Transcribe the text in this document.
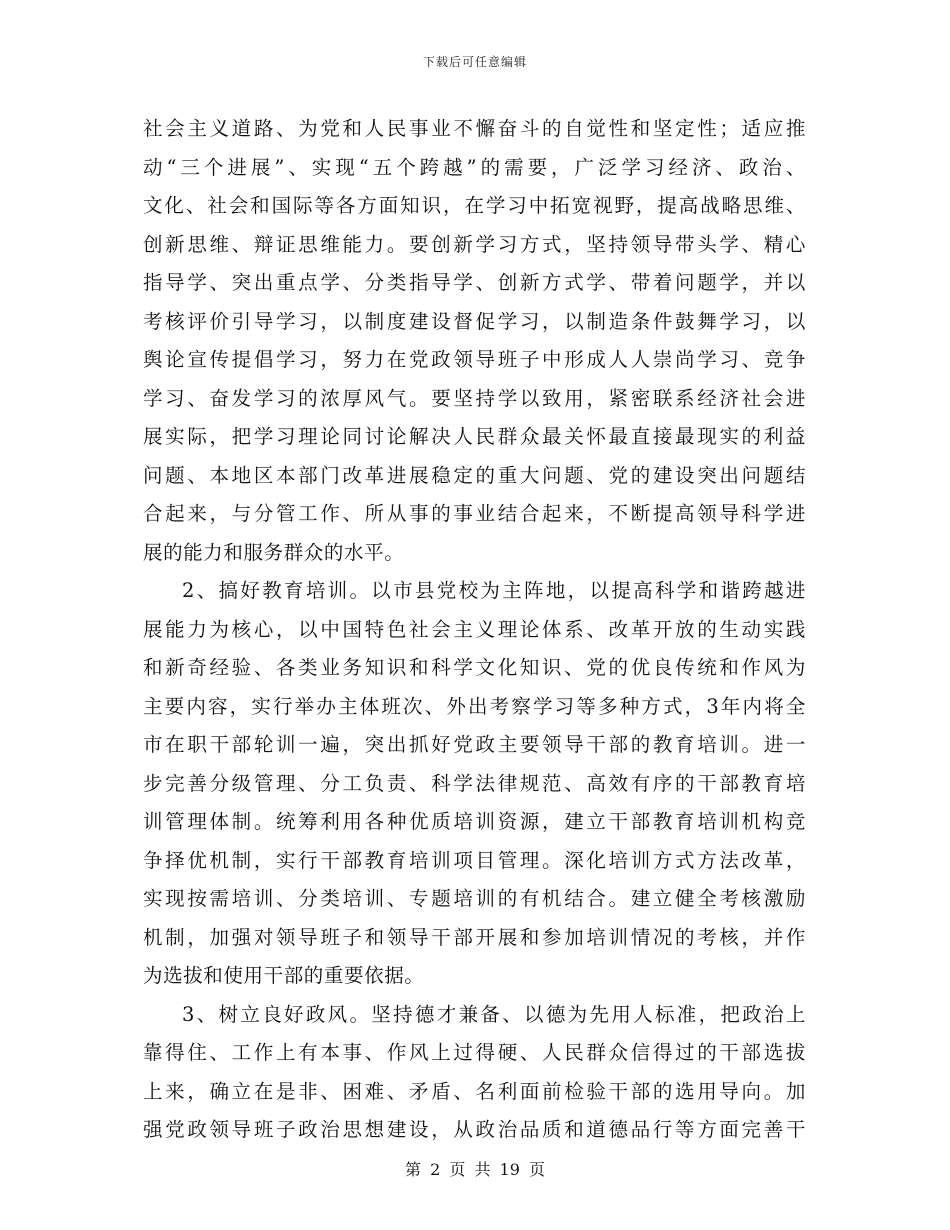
下载后可任意编辑
社会主义道路、为党和人民事业不懈奋斗的自觉性和坚定性；适应推
动“三个进展”、实现“五个跨越”的需要，广泛学习经济、政治、
文化、社会和国际等各方面知识，在学习中拓宽视野，提高战略思维、
创新思维、辩证思维能力。要创新学习方式，坚持领导带头学、精心
指导学、突出重点学、分类指导学、创新方式学、带着问题学，并以
考核评价引导学习，以制度建设督促学习，以制造条件鼓舞学习，以
舆论宣传提倡学习，努力在党政领导班子中形成人人崇尚学习、竞争
学习、奋发学习的浓厚风气。要坚持学以致用，紧密联系经济社会进
展实际，把学习理论同讨论解决人民群众最关怀最直接最现实的利益
问题、本地区本部门改革进展稳定的重大问题、党的建设突出问题结
合起来，与分管工作、所从事的事业结合起来，不断提高领导科学进
展的能力和服务群众的水平。
2、搞好教育培训。以市县党校为主阵地，以提高科学和谐跨越进
展能力为核心，以中国特色社会主义理论体系、改革开放的生动实践
和新奇经验、各类业务知识和科学文化知识、党的优良传统和作风为
主要内容，实行举办主体班次、外出考察学习等多种方式，3年内将全
市在职干部轮训一遍，突出抓好党政主要领导干部的教育培训。进一
步完善分级管理、分工负责、科学法律规范、高效有序的干部教育培
训管理体制。统筹利用各种优质培训资源，建立干部教育培训机构竞
争择优机制，实行干部教育培训项目管理。深化培训方式方法改革，
实现按需培训、分类培训、专题培训的有机结合。建立健全考核激励
机制，加强对领导班子和领导干部开展和参加培训情况的考核，并作
为选拔和使用干部的重要依据。
3、树立良好政风。坚持德才兼备、以德为先用人标准，把政治上
靠得住、工作上有本事、作风上过得硬、人民群众信得过的干部选拔
上来，确立在是非、困难、矛盾、名利面前检验干部的选用导向。加
强党政领导班子政治思想建设，从政治品质和道德品行等方面完善干
第 2 页 共 19 页
